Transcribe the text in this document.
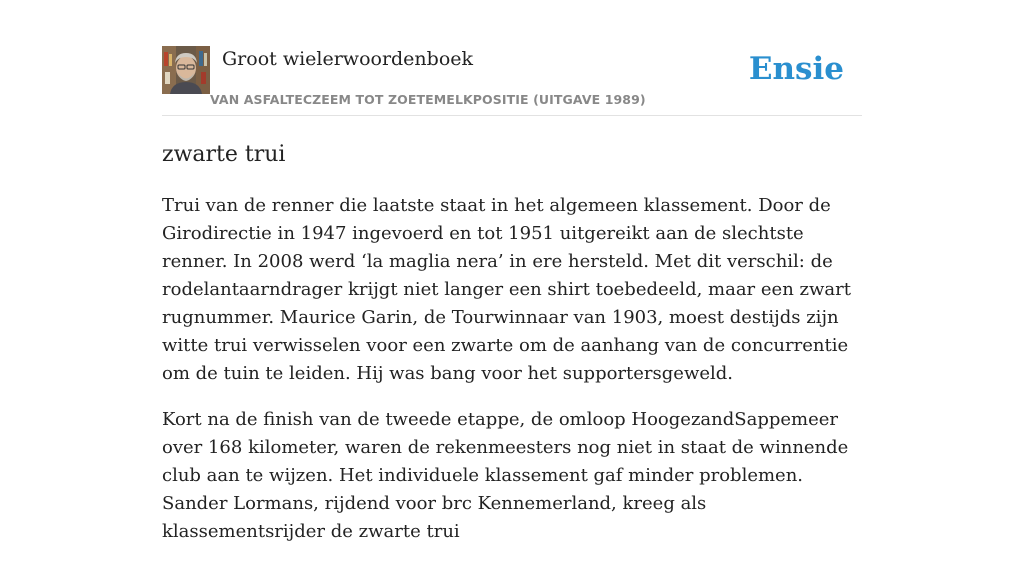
Groot wielerwoordenboek
VAN ASFALTECZEEM TOT ZOETEMELKPOSITIE (UITGAVE 1989)
Ensie
zwarte trui

Trui van de renner die laatste staat in het algemeen klassement. Door de Girodirectie in 1947 ingevoerd en tot 1951 uitgereikt aan de slechtste renner. In 2008 werd ‘la maglia nera’ in ere hersteld. Met dit verschil: de rodelantaarndrager krijgt niet langer een shirt toebedeeld, maar een zwart rugnummer. Maurice Garin, de Tourwinnaar van 1903, moest destijds zijn witte trui verwisselen voor een zwarte om de aanhang van de concurrentie om de tuin te leiden. Hij was bang voor het supportersgeweld.

Kort na de finish van de tweede etappe, de omloop HoogezandSappemeer over 168 kilometer, waren de rekenmeesters nog niet in staat de winnende club aan te wijzen. Het individuele klassement gaf minder problemen. Sander Lormans, rijdend voor brc Kennemerland, kreeg als klassementsrijder de zwarte trui
